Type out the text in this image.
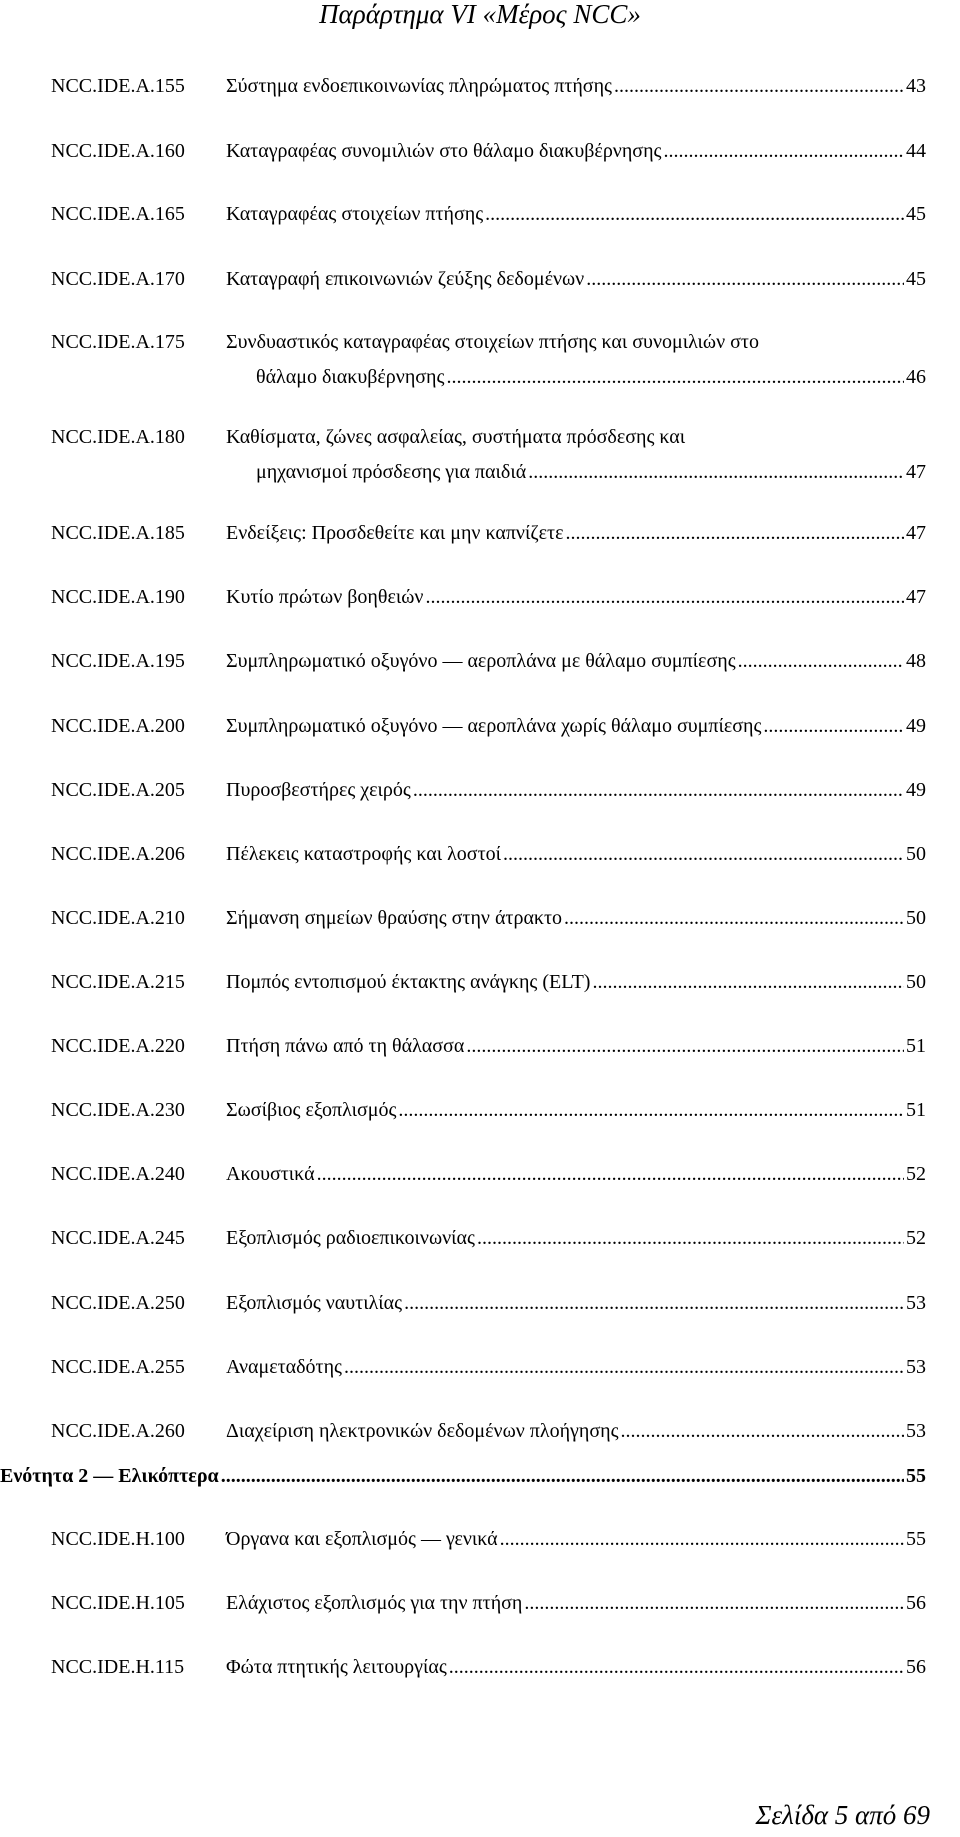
Παράρτημα VI «Μέρος NCC»
NCC.IDE.A.155 Σύστημα ενδοεπικοινωνίας πληρώματος πτήσης .....	43
NCC.IDE.A.160 Καταγραφέας συνομιλιών στο θάλαμο διακυβέρνησης .....	44
NCC.IDE.A.165 Καταγραφέας στοιχείων πτήσης .....	45
NCC.IDE.A.170 Καταγραφή επικοινωνιών ζεύξης δεδομένων .....	45
NCC.IDE.A.175 Συνδυαστικός καταγραφέας στοιχείων πτήσης και συνομιλιών στο
θάλαμο διακυβέρνησης .....	46
NCC.IDE.A.180 Καθίσματα, ζώνες ασφαλείας, συστήματα πρόσδεσης και
μηχανισμοί πρόσδεσης για παιδιά .....	47
NCC.IDE.A.185 Ενδείξεις: Προσδεθείτε και μην καπνίζετε .....	47
NCC.IDE.A.190 Κυτίο πρώτων βοηθειών .....	47
NCC.IDE.A.195 Συμπληρωματικό οξυγόνο — αεροπλάνα με θάλαμο συμπίεσης .....	48
NCC.IDE.A.200 Συμπληρωματικό οξυγόνο — αεροπλάνα χωρίς θάλαμο συμπίεσης .....	49
NCC.IDE.A.205 Πυροσβεστήρες χειρός .....	49
NCC.IDE.A.206 Πέλεκεις καταστροφής και λοστοί .....	50
NCC.IDE.A.210 Σήμανση σημείων θραύσης στην άτρακτο .....	50
NCC.IDE.A.215 Πομπός εντοπισμού έκτακτης ανάγκης (ELT) .....	50
NCC.IDE.A.220 Πτήση πάνω από τη θάλασσα .....	51
NCC.IDE.A.230 Σωσίβιος εξοπλισμός .....	51
NCC.IDE.A.240 Ακουστικά .....	52
NCC.IDE.A.245 Εξοπλισμός ραδιοεπικοινωνίας .....	52
NCC.IDE.A.250 Εξοπλισμός ναυτιλίας .....	53
NCC.IDE.A.255 Αναμεταδότης .....	53
NCC.IDE.A.260 Διαχείριση ηλεκτρονικών δεδομένων πλοήγησης .....	53
Ενότητα 2 — Ελικόπτερα .....	55
NCC.IDE.H.100 Όργανα και εξοπλισμός — γενικά .....	55
NCC.IDE.H.105 Ελάχιστος εξοπλισμός για την πτήση .....	56
NCC.IDE.H.115 Φώτα πτητικής λειτουργίας .....	56
Σελίδα 5 από 69
